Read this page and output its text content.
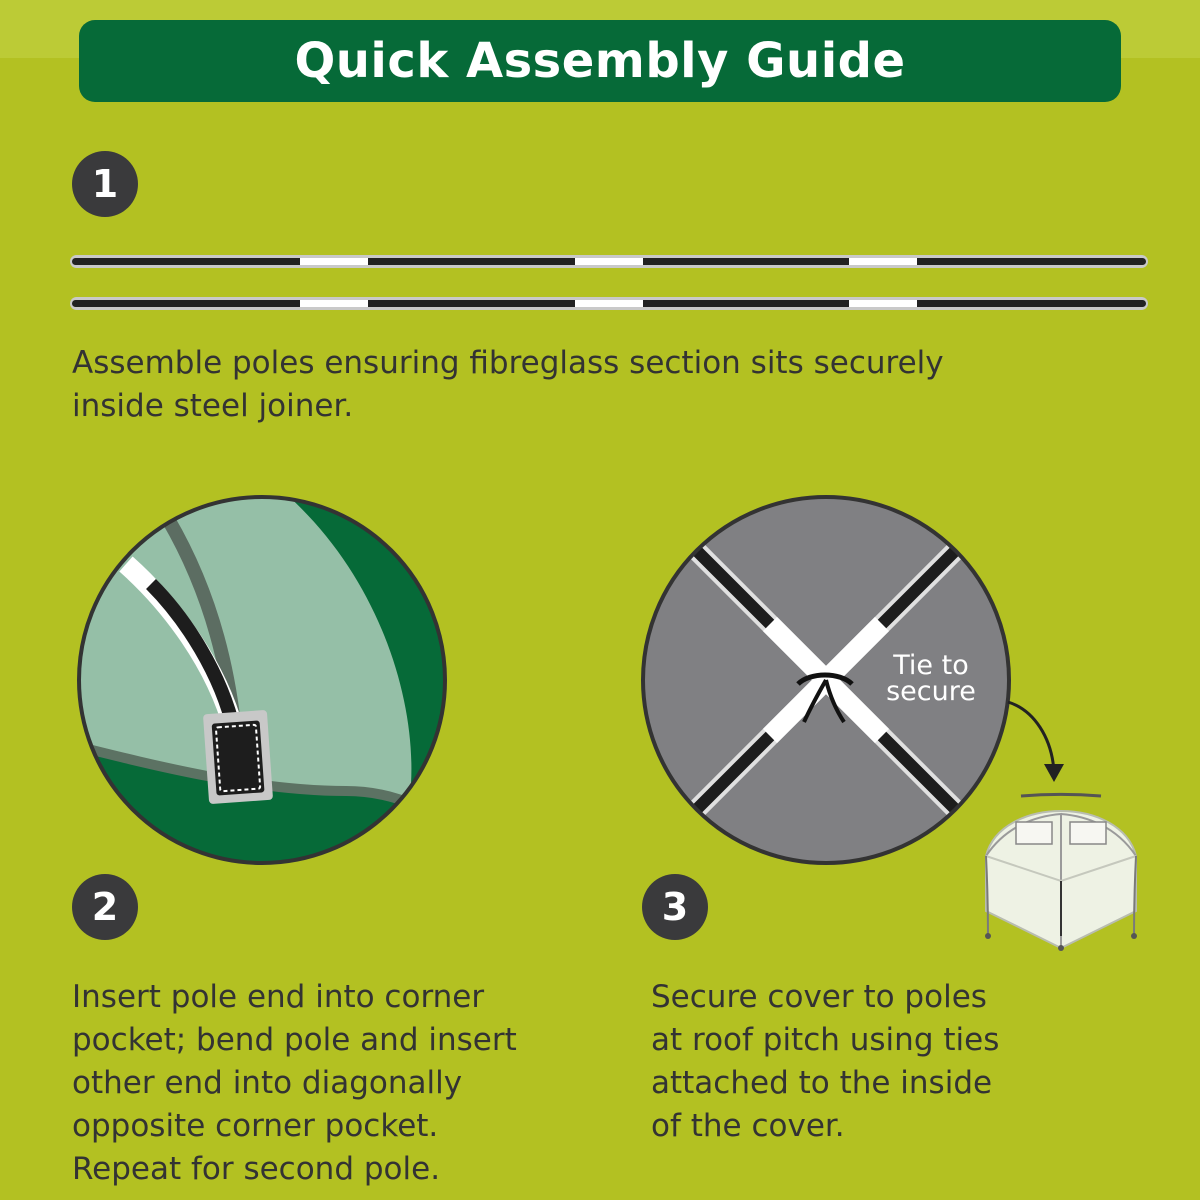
Quick Assembly Guide
1

Assemble poles ensuring fibreglass section sits securely
inside steel joiner.

2

Insert pole end into corner
pocket; bend pole and insert
other end into diagonally
opposite corner pocket.
Repeat for second pole.

Tie to
secure
3

Secure cover to poles
at roof pitch using ties
attached to the inside
of the cover.
